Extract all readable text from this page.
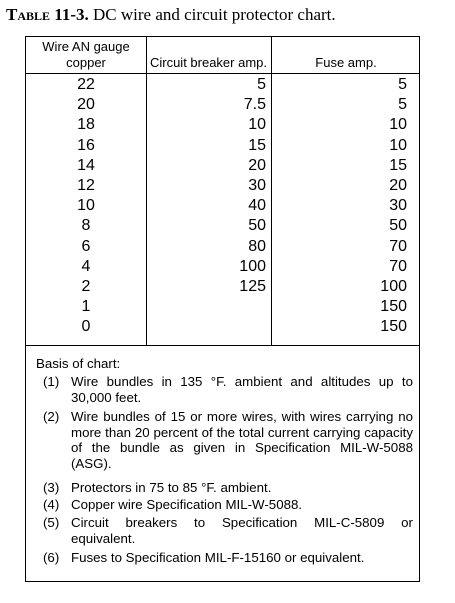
Table 11-3. DC wire and circuit protector chart.
Wire AN gauge
copper	Circuit breaker amp.	Fuse amp.
22
20
18
16
14
12
10
8
6
4
2
1
0
5
7.5
10
15
20
30
40
50
80
100
125
5
5
10
10
15
20
30
50
70
70
100
150
150
Basis of chart:
(1) Wire bundles in 135 °F. ambient and altitudes up to 30,000 feet.
(2) Wire bundles of 15 or more wires, with wires carrying no more than 20 percent of the total current carrying capacity of the bundle as given in Specification MIL-W-5088 (ASG).
(3) Protectors in 75 to 85 °F. ambient.
(4) Copper wire Specification MIL-W-5088.
(5) Circuit breakers to Specification MIL-C-5809 or equivalent.
(6) Fuses to Specification MIL-F-15160 or equivalent.
